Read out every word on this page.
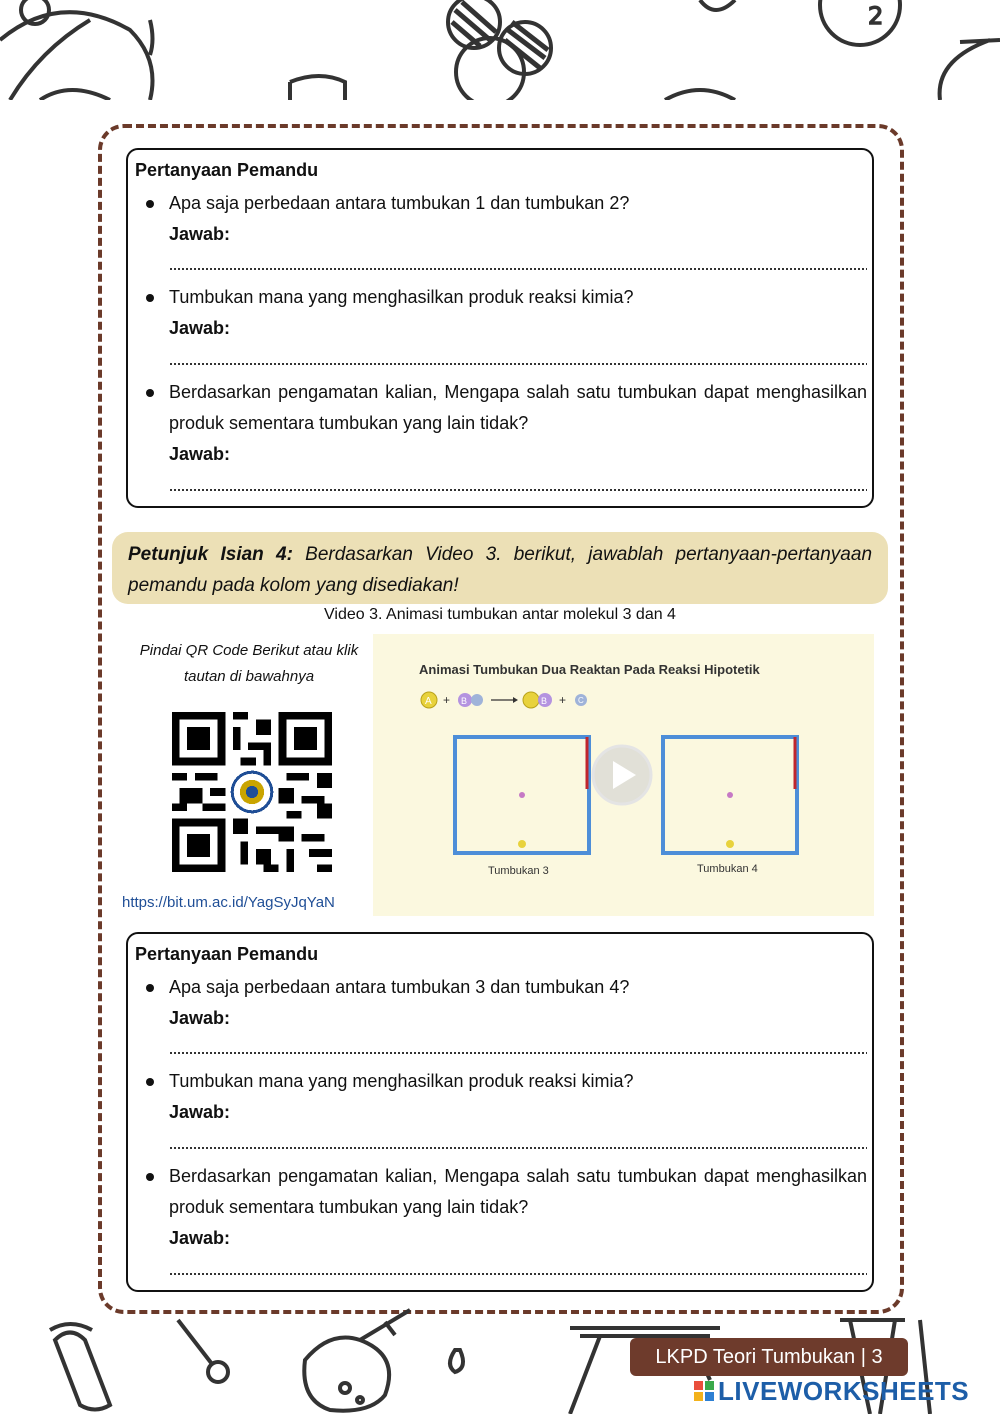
2
Pertanyaan Pemandu
Apa saja perbedaan antara tumbukan 1 dan tumbukan 2?
Jawab:
Tumbukan mana yang menghasilkan produk reaksi kimia?
Jawab:
Berdasarkan pengamatan kalian, Mengapa salah satu tumbukan dapat menghasilkan produk sementara tumbukan yang lain tidak?
Jawab:
Petunjuk Isian 4: Berdasarkan Video 3. berikut, jawablah pertanyaan-pertanyaan pemandu pada kolom yang disediakan!
Video 3. Animasi tumbukan antar molekul 3 dan 4
Pindai QR Code Berikut atau klik tautan di bawahnya
https://bit.um.ac.id/YagSyJqYaN
Animasi Tumbukan Dua Reaktan Pada Reaksi Hipotetik
A + B	B + C
Tumbukan 3	Tumbukan 4
Pertanyaan Pemandu
Apa saja perbedaan antara tumbukan 3 dan tumbukan 4?
Jawab:
Tumbukan mana yang menghasilkan produk reaksi kimia?
Jawab:
Berdasarkan pengamatan kalian, Mengapa salah satu tumbukan dapat menghasilkan produk sementara tumbukan yang lain tidak?
Jawab:
LKPD Teori Tumbukan | 3
LIVEWORKSHEETS
